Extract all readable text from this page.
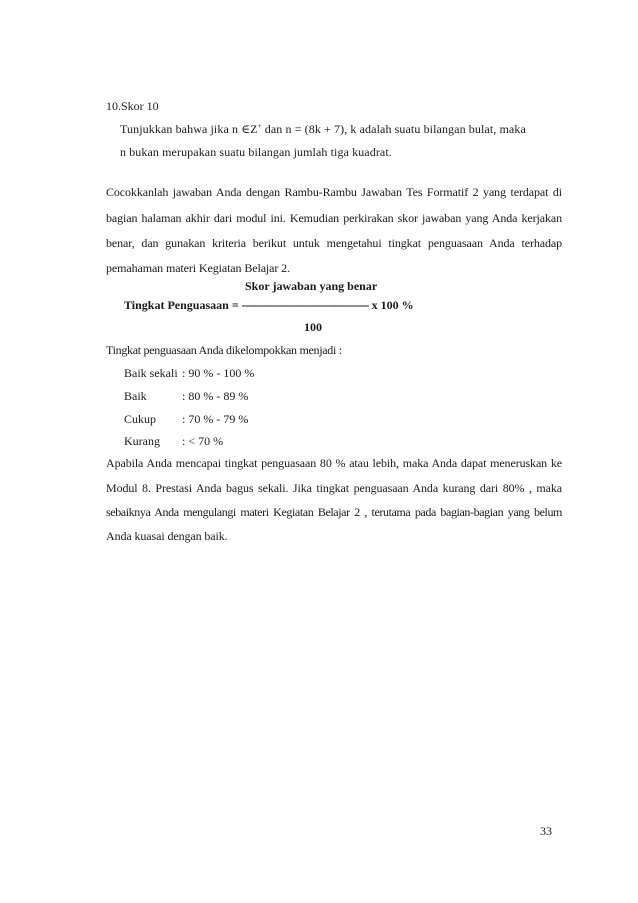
10.Skor 10
Tunjukkan bahwa jika n ∈Z+ dan n = (8k + 7), k adalah suatu bilangan bulat, maka
n bukan merupakan suatu bilangan jumlah tiga kuadrat.
Cocokkanlah jawaban Anda dengan Rambu-Rambu Jawaban Tes Formatif 2 yang terdapat di
bagian halaman akhir dari modul ini. Kemudian perkirakan skor jawaban yang Anda kerjakan
benar, dan gunakan kriteria berikut untuk mengetahui tingkat penguasaan Anda terhadap
pemahaman materi Kegiatan Belajar 2.
Skor jawaban yang benar
Tingkat Penguasaan = ----------------------------------------- x 100 %
100
Tingkat penguasaan Anda dikelompokkan menjadi :
Baik sekali : 90 % - 100 %
Baik	: 80 % - 89 %
Cukup : 70 % - 79 %
Kurang : < 70 %
Apabila Anda mencapai tingkat penguasaan 80 % atau lebih, maka Anda dapat meneruskan ke
Modul 8. Prestasi Anda bagus sekali. Jika tingkat penguasaan Anda kurang dari 80% , maka
sebaiknya Anda mengulangi materi Kegiatan Belajar 2 , terutama pada bagian-bagian yang belum
Anda kuasai dengan baik.
33
